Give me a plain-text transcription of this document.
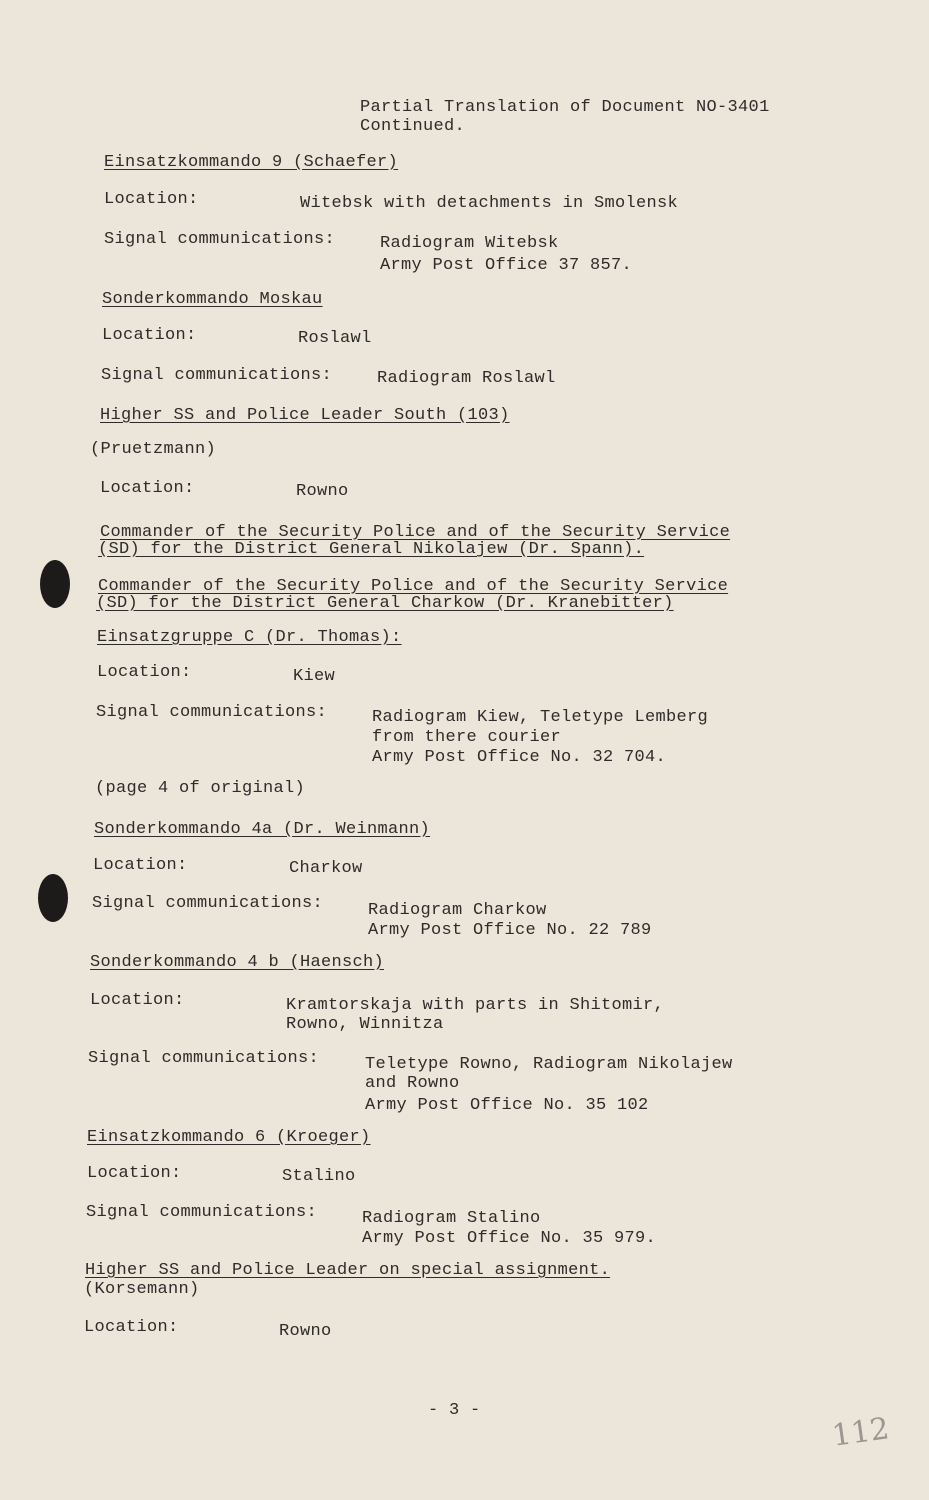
Partial Translation of Document NO-3401
Continued.
Einsatzkommando 9 (Schaefer)
Location:	Witebsk with detachments in Smolensk
Signal communications:	Radiogram Witebsk
Army Post Office 37 857.
Sonderkommando Moskau
Location:	Roslawl
Signal communications:	Radiogram Roslawl
Higher SS and Police Leader South (103)
(Pruetzmann)
Location:	Rowno
Commander of the Security Police and of the Security Service
(SD) for the District General Nikolajew (Dr. Spann).
Commander of the Security Police and of the Security Service
(SD) for the District General Charkow (Dr. Kranebitter)
Einsatzgruppe C (Dr. Thomas):
Location:	Kiew
Signal communications:	Radiogram Kiew, Teletype Lemberg
from there courier
Army Post Office No. 32 704.
(page 4 of original)
Sonderkommando 4a (Dr. Weinmann)
Location:	Charkow
Signal communications:	Radiogram Charkow
Army Post Office No. 22 789
Sonderkommando 4 b (Haensch)
Location:	Kramtorskaja with parts in Shitomir,
Rowno, Winnitza
Signal communications:	Teletype Rowno, Radiogram Nikolajew
and Rowno
Army Post Office No. 35 102
Einsatzkommando 6 (Kroeger)
Location:	Stalino
Signal communications:	Radiogram Stalino
Army Post Office No. 35 979.
Higher SS and Police Leader on special assignment.
(Korsemann)
Location:	Rowno
- 3 -
112
